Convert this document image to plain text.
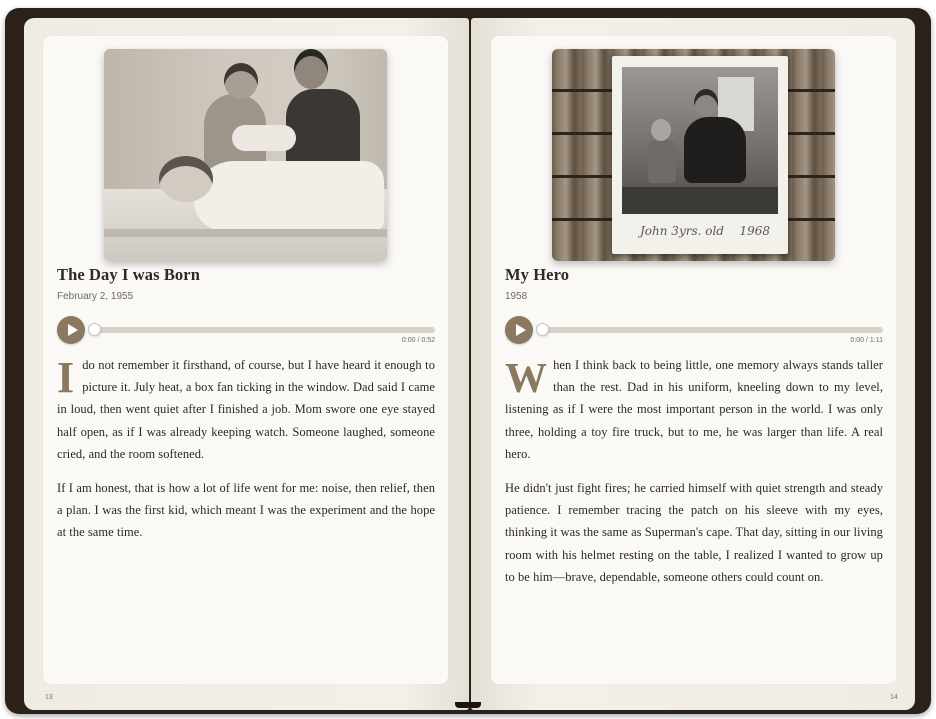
The Day I was Born
February 2, 1955
0:00 / 0:52

Ido not remember it firsthand, of course, but I have heard it enough to picture it. July heat, a box fan ticking in the window. Dad said I came in loud, then went quiet after I finished a job. Mom swore one eye stayed half open, as if I was already keeping watch. Someone laughed, someone cried, and the room softened.

If I am honest, that is how a lot of life went for me: noise, then relief, then a plan. I was the first kid, which meant I was the experiment and the hope at the same time.

13
John 3yrs. old 1968
My Hero
1958
0:00 / 1:11

When I think back to being little, one memory always stands taller than the rest. Dad in his uniform, kneeling down to my level, listening as if I were the most important person in the world. I was only three, holding a toy fire truck, but to me, he was larger than life. A real hero.

He didn't just fight fires; he carried himself with quiet strength and steady patience. I remember tracing the patch on his sleeve with my eyes, thinking it was the same as Superman's cape. That day, sitting in our living room with his helmet resting on the table, I realized I wanted to grow up to be him—brave, dependable, someone others could count on.

14
